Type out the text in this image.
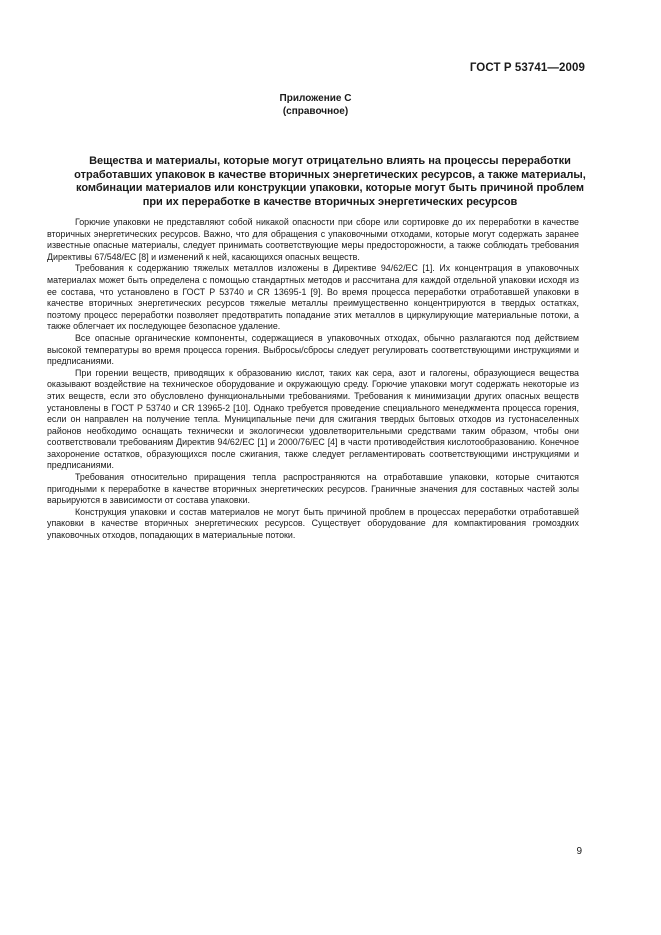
ГОСТ Р 53741—2009
Приложение С
(справочное)
Вещества и материалы, которые могут отрицательно влиять на процессы переработки
отработавших упаковок в качестве вторичных энергетических ресурсов, а также материалы,
комбинации материалов или конструкции упаковки, которые могут быть причиной проблем
при их переработке в качестве вторичных энергетических ресурсов

Горючие упаковки не представляют собой никакой опасности при сборе или сортировке до их переработки в качестве вторичных энергетических ресурсов. Важно, что для обращения с упаковочными отходами, которые могут содержать заранее известные опасные материалы, следует принимать соответствующие меры предосторожности, а также соблюдать требования Директивы 67/548/ЕС [8] и изменений к ней, касающихся опасных веществ.

Требования к содержанию тяжелых металлов изложены в Директиве 94/62/ЕС [1]. Их концентрация в упаковочных материалах может быть определена с помощью стандартных методов и рассчитана для каждой отдельной упаковки исходя из ее состава, что установлено в ГОСТ Р 53740 и CR 13695-1 [9]. Во время процесса переработки отработавшей упаковки в качестве вторичных энергетических ресурсов тяжелые металлы преимущественно концентрируются в твердых остатках, поэтому процесс переработки позволяет предотвратить попадание этих металлов в циркулирующие материальные потоки, а также облегчает их последующее безопасное удаление.

Все опасные органические компоненты, содержащиеся в упаковочных отходах, обычно разлагаются под действием высокой температуры во время процесса горения. Выбросы/сбросы следует регулировать соответствующими инструкциями и предписаниями.

При горении веществ, приводящих к образованию кислот, таких как сера, азот и галогены, образующиеся вещества оказывают воздействие на техническое оборудование и окружающую среду. Горючие упаковки могут содержать некоторые из этих веществ, если это обусловлено функциональными требованиями. Требования к минимизации других опасных веществ установлены в ГОСТ Р 53740 и CR 13965-2 [10]. Однако требуется проведение специального менеджмента процесса горения, если он направлен на получение тепла. Муниципальные печи для сжигания твердых бытовых отходов из густонаселенных районов необходимо оснащать технически и экологически удовлетворительными средствами таким образом, чтобы они соответствовали требованиям Директив 94/62/ЕС [1] и 2000/76/ЕС [4] в части противодействия кислотообразованию. Конечное захоронение остатков, образующихся после сжигания, также следует регламентировать соответствующими инструкциями и предписаниями.

Требования относительно приращения тепла распространяются на отработавшие упаковки, которые считаются пригодными к переработке в качестве вторичных энергетических ресурсов. Граничные значения для составных частей золы варьируются в зависимости от состава упаковки.

Конструкция упаковки и состав материалов не могут быть причиной проблем в процессах переработки отработавшей упаковки в качестве вторичных энергетических ресурсов. Существует оборудование для компактирования громоздких упаковочных отходов, попадающих в материальные потоки.

9
